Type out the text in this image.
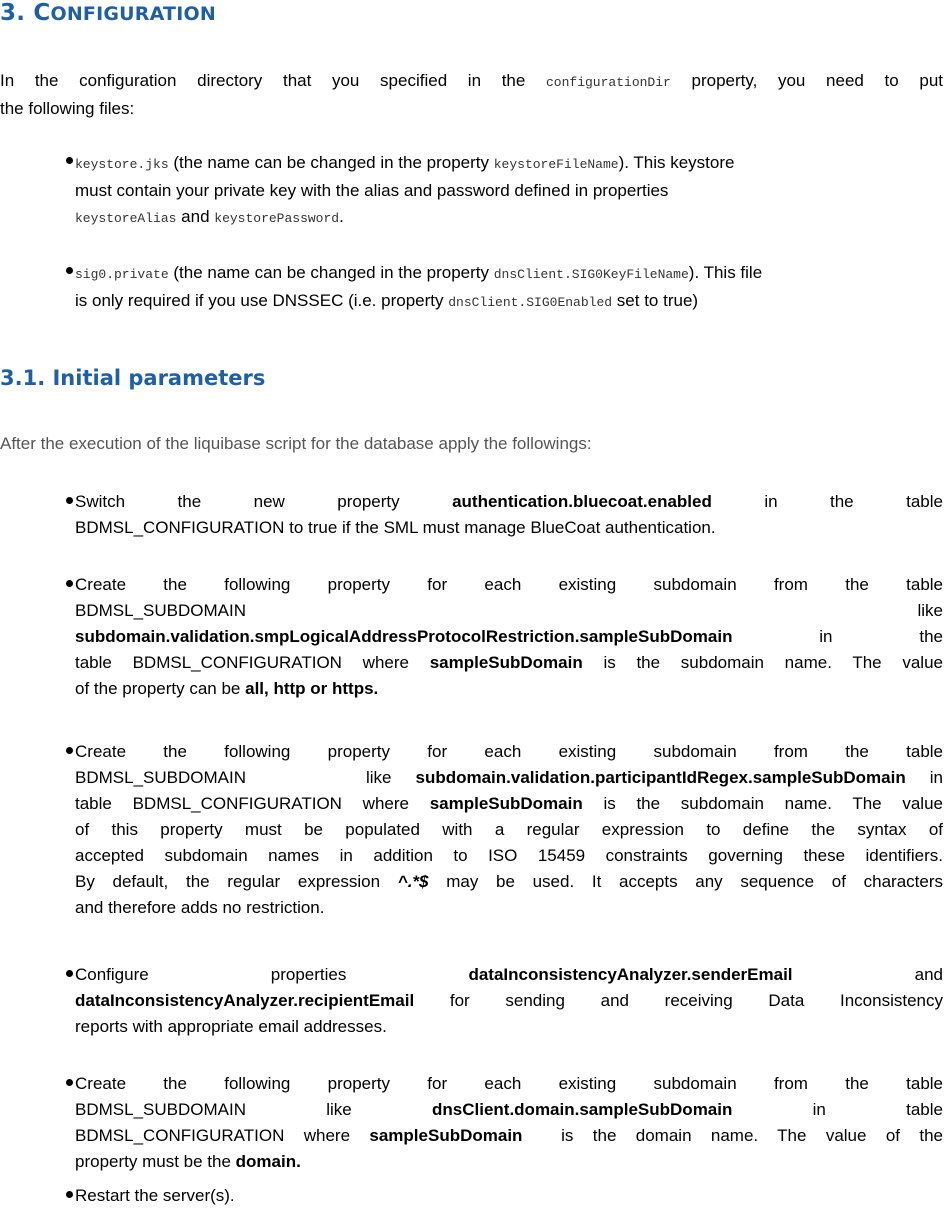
3. CONFIGURATION
In the configuration directory that you specified in the configurationDir property, you need to put
the following files:
keystore.jks (the name can be changed in the property keystoreFileName). This keystore
must contain your private key with the alias and password defined in properties
keystoreAlias and keystorePassword.
sig0.private (the name can be changed in the property dnsClient.SIG0KeyFileName). This file
is only required if you use DNSSEC (i.e. property dnsClient.SIG0Enabled set to true)
3.1. Initial parameters
After the execution of the liquibase script for the database apply the followings:
Switch	the	new	property	authentication.bluecoat.enabled	in	the	table
BDMSL_CONFIGURATION to true if the SML must manage BlueCoat authentication.
Create the following property for each existing subdomain from the table
BDMSL_SUBDOMAIN	like
subdomain.validation.smpLogicalAddressProtocolRestriction.sampleSubDomain	in	the
table BDMSL_CONFIGURATION where sampleSubDomain is the subdomain name. The value
of the property can be all, http or https.
Create the following property for each existing subdomain from the table
BDMSL_SUBDOMAIN	like subdomain.validation.participantIdRegex.sampleSubDomain in
table BDMSL_CONFIGURATION where sampleSubDomain is the subdomain name. The value
of this property must be populated with a regular expression to define the syntax of
accepted subdomain names in addition to ISO 15459 constraints governing these identifiers.
By default, the regular expression ^.*$ may be used. It accepts any sequence of characters
and therefore adds no restriction.
Configure	properties	dataInconsistencyAnalyzer.senderEmail	and
dataInconsistencyAnalyzer.recipientEmail for sending and receiving Data Inconsistency
reports with appropriate email addresses.
Create the following property for each existing subdomain from the table
BDMSL_SUBDOMAIN	like	dnsClient.domain.sampleSubDomain	in	table
BDMSL_CONFIGURATION where sampleSubDomain is the domain name. The value of the
property must be the domain.
Restart the server(s).
